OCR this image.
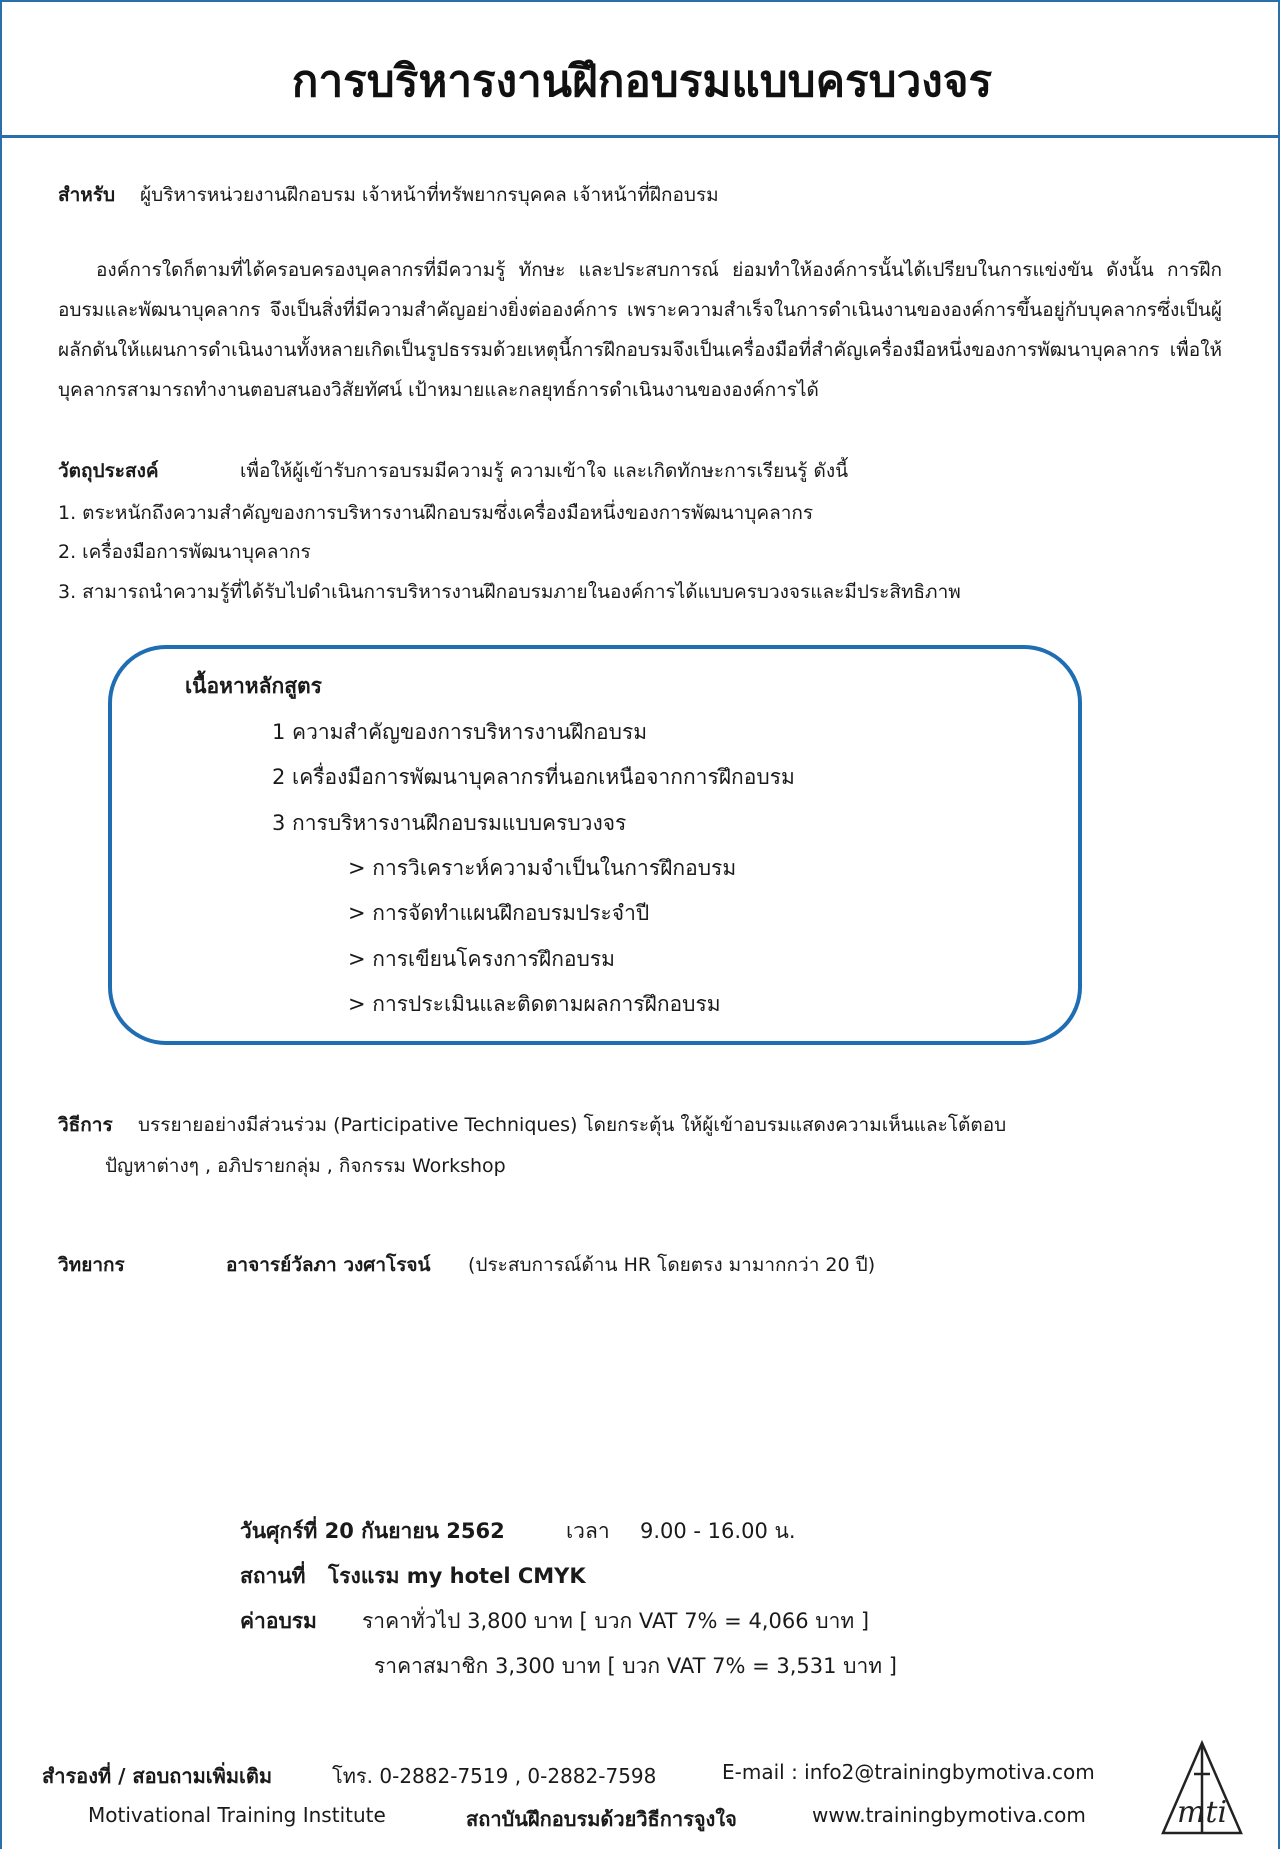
การบริหารงานฝึกอบรมแบบครบวงจร
สำหรับ ผู้บริหารหน่วยงานฝึกอบรม เจ้าหน้าที่ทรัพยากรบุคคล เจ้าหน้าที่ฝึกอบรม
องค์การใดก็ตามที่ได้ครอบครองบุคลากรที่มีความรู้ ทักษะ และประสบการณ์ ย่อมทำให้องค์การนั้นได้เปรียบในการแข่งขัน ดังนั้น การฝึกอบรมและพัฒนาบุคลากร จึงเป็นสิ่งที่มีความสำคัญอย่างยิ่งต่อองค์การ เพราะความสำเร็จในการดำเนินงานขององค์การขึ้นอยู่กับบุคลากรซึ่งเป็นผู้ผลักดันให้แผนการดำเนินงานทั้งหลายเกิดเป็นรูปธรรมด้วยเหตุนี้การฝึกอบรมจึงเป็นเครื่องมือที่สำคัญเครื่องมือหนึ่งของการพัฒนาบุคลากร เพื่อให้บุคลากรสามารถทำงานตอบสนองวิสัยทัศน์ เป้าหมายและกลยุทธ์การดำเนินงานขององค์การได้
วัตถุประสงค์	เพื่อให้ผู้เข้ารับการอบรมมีความรู้ ความเข้าใจ และเกิดทักษะการเรียนรู้ ดังนี้
1. ตระหนักถึงความสำคัญของการบริหารงานฝึกอบรมซึ่งเครื่องมือหนึ่งของการพัฒนาบุคลากร
2. เครื่องมือการพัฒนาบุคลากร
3. สามารถนำความรู้ที่ได้รับไปดำเนินการบริหารงานฝึกอบรมภายในองค์การได้แบบครบวงจรและมีประสิทธิภาพ
เนื้อหาหลักสูตร
1 ความสำคัญของการบริหารงานฝึกอบรม
2 เครื่องมือการพัฒนาบุคลากรที่นอกเหนือจากการฝึกอบรม
3 การบริหารงานฝึกอบรมแบบครบวงจร
> การวิเคราะห์ความจำเป็นในการฝึกอบรม
> การจัดทำแผนฝึกอบรมประจำปี
> การเขียนโครงการฝึกอบรม
> การประเมินและติดตามผลการฝึกอบรม
วิธีการ บรรยายอย่างมีส่วนร่วม (Participative Techniques) โดยกระตุ้น ให้ผู้เข้าอบรมแสดงความเห็นและโต้ตอบ
ปัญหาต่างๆ , อภิปรายกลุ่ม , กิจกรรม Workshop
วิทยากร	อาจารย์วัลภา วงศาโรจน์ (ประสบการณ์ด้าน HR โดยตรง มามากกว่า 20 ปี)
วันศุกร์ที่ 20 กันยายน 2562	เวลา 9.00 - 16.00 น.
สถานที่ โรงแรม my hotel CMYK
ค่าอบรม ราคาทั่วไป 3,800 บาท [ บวก VAT 7% = 4,066 บาท ]
ราคาสมาชิก 3,300 บาท [ บวก VAT 7% = 3,531 บาท ]
สำรองที่ / สอบถามเพิ่มเติม	โทร. 0-2882-7519 , 0-2882-7598	E-mail : info2@trainingbymotiva.com
Motivational Training Institute	สถาบันฝึกอบรมด้วยวิธีการจูงใจ	www.trainingbymotiva.com	mti
